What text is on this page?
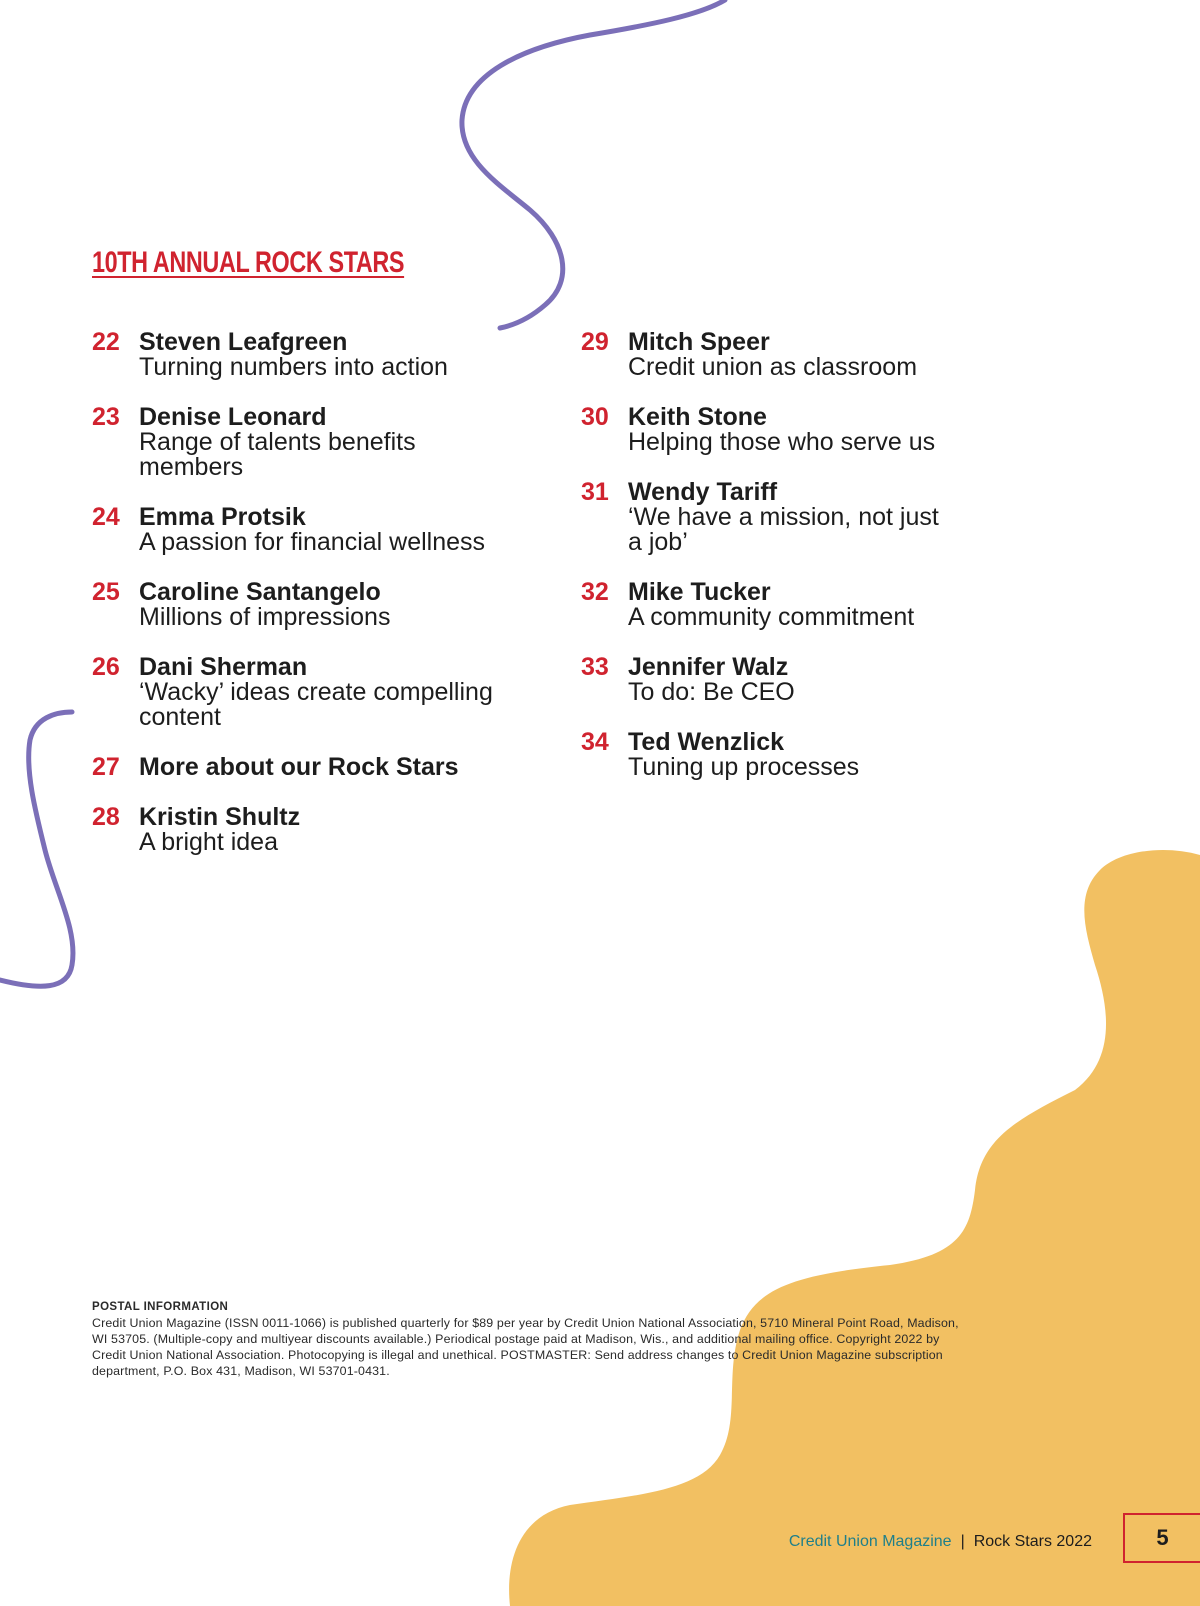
10TH ANNUAL ROCK STARS
22 Steven Leafgreen
Turning numbers into action
23 Denise Leonard
Range of talents benefits members
24 Emma Protsik
A passion for financial wellness
25 Caroline Santangelo
Millions of impressions
26 Dani Sherman
‘Wacky’ ideas create compelling content
27 More about our Rock Stars
28 Kristin Shultz
A bright idea
29 Mitch Speer
Credit union as classroom
30 Keith Stone
Helping those who serve us
31 Wendy Tariff
‘We have a mission, not just a job’
32 Mike Tucker
A community commitment
33 Jennifer Walz
To do: Be CEO
34 Ted Wenzlick
Tuning up processes
POSTAL INFORMATION
Credit Union Magazine (ISSN 0011-1066) is published quarterly for $89 per year by Credit Union National Association, 5710 Mineral Point Road, Madison, WI 53705. (Multiple-copy and multiyear discounts available.) Periodical postage paid at Madison, Wis., and additional mailing office. Copyright 2022 by Credit Union National Association. Photocopying is illegal and unethical. POSTMASTER: Send address changes to Credit Union Magazine subscription department, P.O. Box 431, Madison, WI 53701-0431.
Credit Union Magazine | Rock Stars 2022	5
